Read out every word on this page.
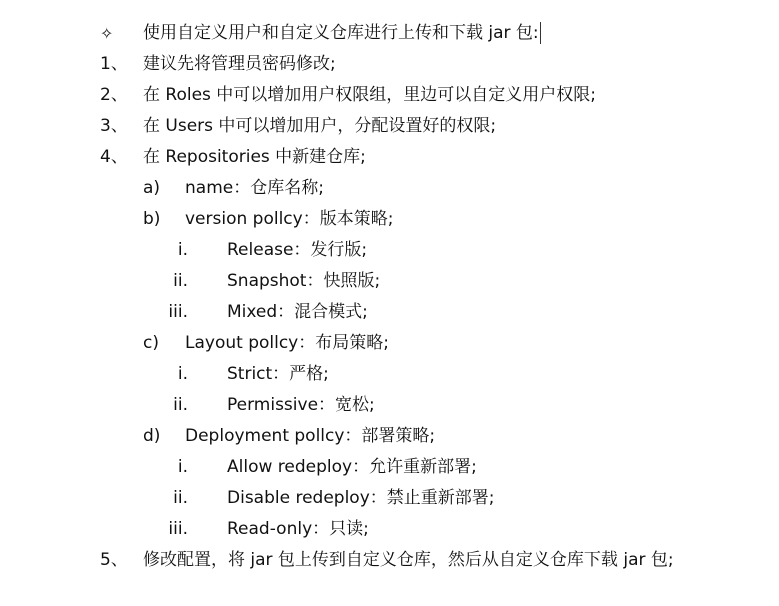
✧ 使用自定义用户和自定义仓库进行上传和下载 jar 包:
1、 建议先将管理员密码修改;
2、 在 Roles 中可以增加用户权限组，里边可以自定义用户权限;
3、 在 Users 中可以增加用户，分配设置好的权限;
4、 在 Repositories 中新建仓库;
a) name：仓库名称;
b) version pollcy：版本策略;
i. Release：发行版;
ii. Snapshot：快照版;
iii. Mixed：混合模式;
c) Layout pollcy：布局策略;
i. Strict：严格;
ii. Permissive：宽松;
d) Deployment pollcy：部署策略;
i. Allow redeploy：允许重新部署;
ii. Disable redeploy：禁止重新部署;
iii. Read-only：只读;
5、 修改配置，将 jar 包上传到自定义仓库，然后从自定义仓库下载 jar 包;
